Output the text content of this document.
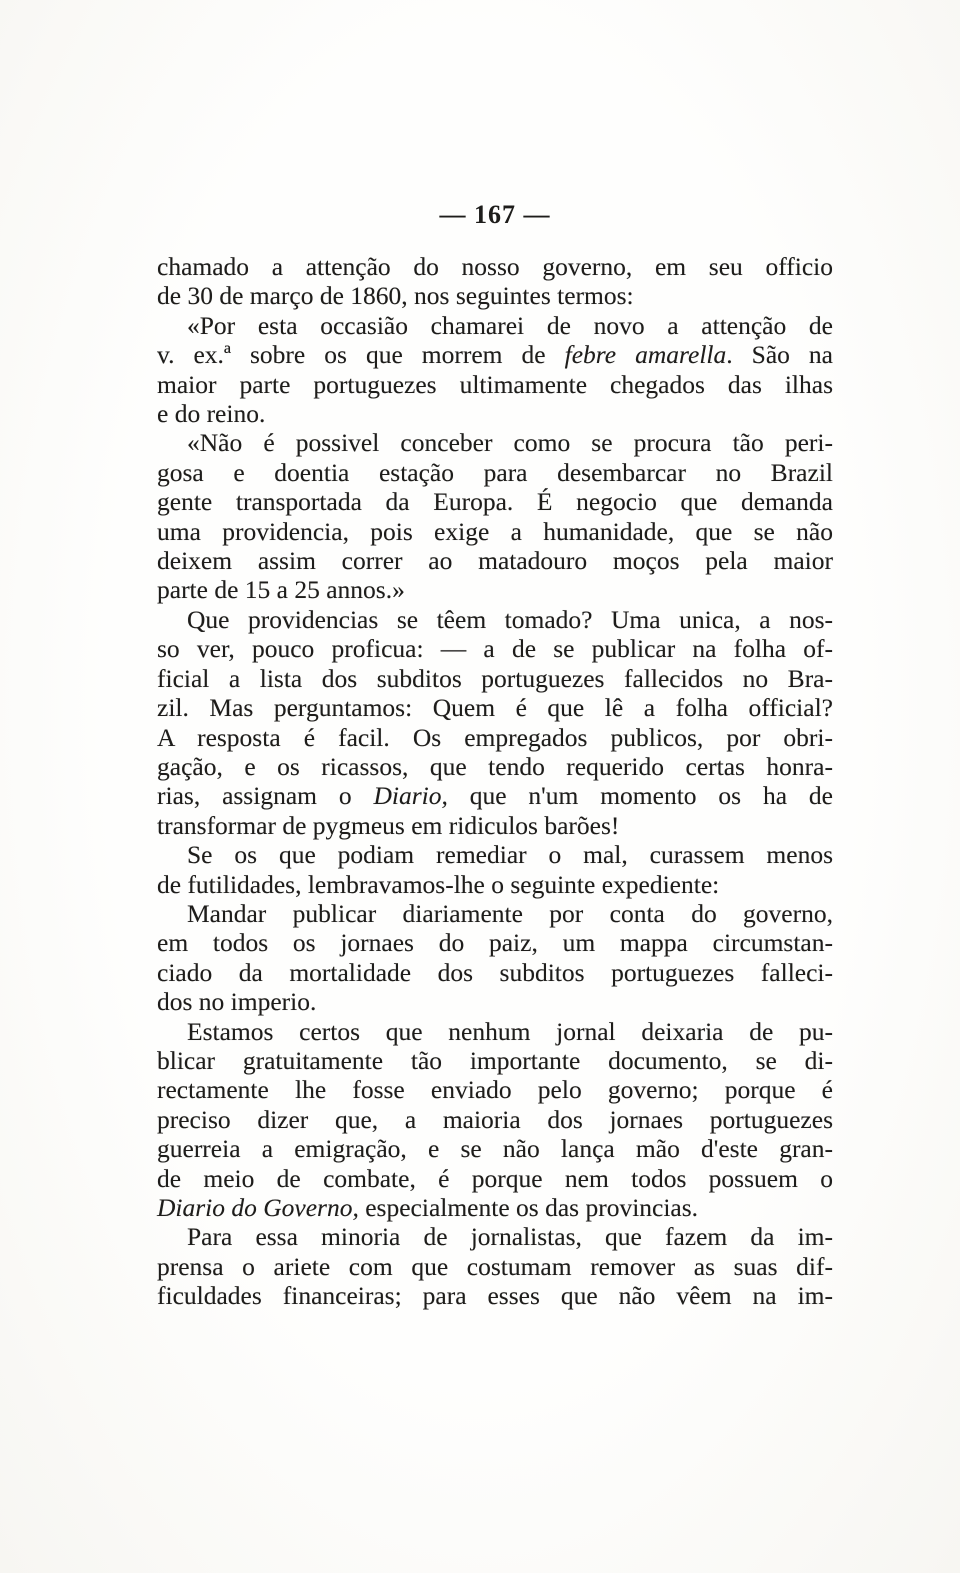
— 167 —
chamado a attenção do nosso governo, em seu officio
de 30 de março de 1860, nos seguintes termos:
«Por esta occasião chamarei de novo a attenção de
v. ex.ª sobre os que morrem de febre amarella. São na
maior parte portuguezes ultimamente chegados das ilhas
e do reino.
«Não é possivel conceber como se procura tão peri-
gosa e doentia estação para desembarcar no Brazil
gente transportada da Europa. É negocio que demanda
uma providencia, pois exige a humanidade, que se não
deixem assim correr ao matadouro moços pela maior
parte de 15 a 25 annos.»
Que providencias se têem tomado? Uma unica, a nos-
so ver, pouco proficua: — a de se publicar na folha of-
ficial a lista dos subditos portuguezes fallecidos no Bra-
zil. Mas perguntamos: Quem é que lê a folha official?
A resposta é facil. Os empregados publicos, por obri-
gação, e os ricassos, que tendo requerido certas honra-
rias, assignam o Diario, que n'um momento os ha de
transformar de pygmeus em ridiculos barões!
Se os que podiam remediar o mal, curassem menos
de futilidades, lembravamos-lhe o seguinte expediente:
Mandar publicar diariamente por conta do governo,
em todos os jornaes do paiz, um mappa circumstan-
ciado da mortalidade dos subditos portuguezes falleci-
dos no imperio.
Estamos certos que nenhum jornal deixaria de pu-
blicar gratuitamente tão importante documento, se di-
rectamente lhe fosse enviado pelo governo; porque é
preciso dizer que, a maioria dos jornaes portuguezes
guerreia a emigração, e se não lança mão d'este gran-
de meio de combate, é porque nem todos possuem o
Diario do Governo, especialmente os das provincias.
Para essa minoria de jornalistas, que fazem da im-
prensa o ariete com que costumam remover as suas dif-
ficuldades financeiras; para esses que não vêem na im-
